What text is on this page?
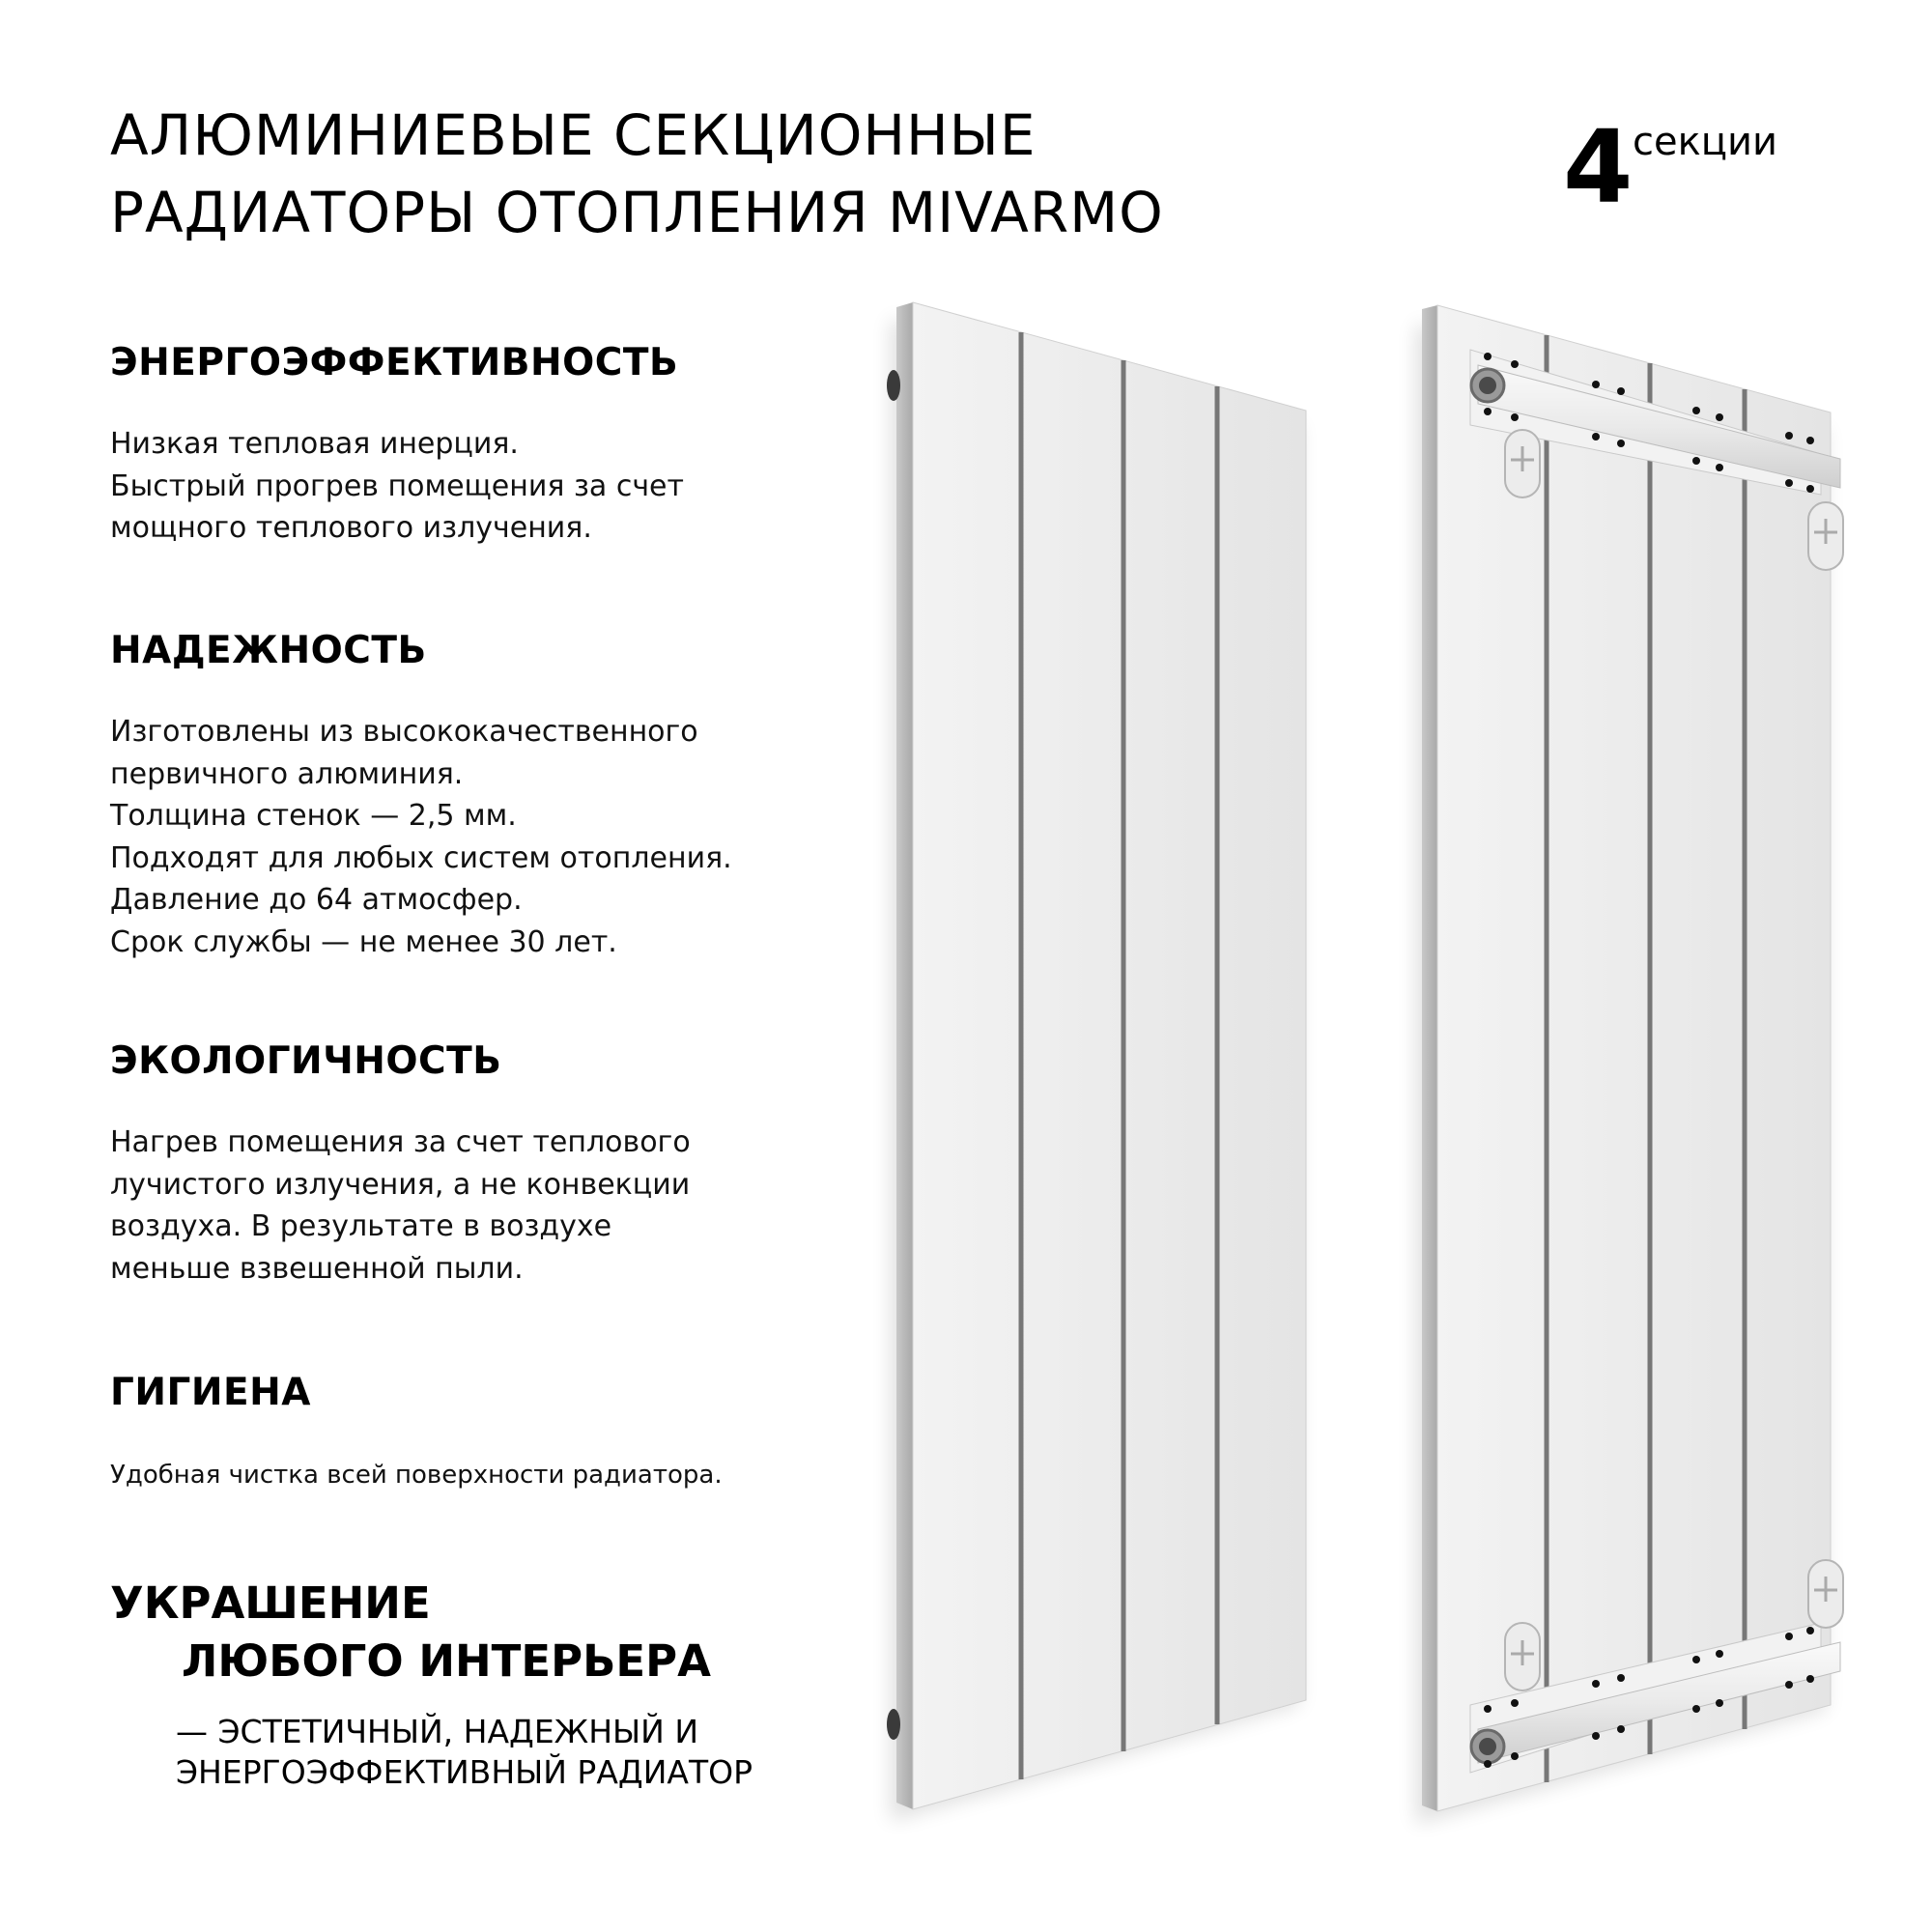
АЛЮМИНИЕВЫЕ СЕКЦИОННЫЕ
РАДИАТОРЫ ОТОПЛЕНИЯ MIVARMO	4 секции
ЭНЕРГОЭФФЕКТИВНОСТЬ

Низкая тепловая инерция.

Быстрый прогрев помещения за счет

мощного теплового излучения.

НАДЕЖНОСТЬ

Изготовлены из высококачественного

первичного алюминия.

Толщина стенок — 2,5 мм.

Подходят для любых систем отопления.

Давление до 64 атмосфер.

Срок службы — не менее 30 лет.

ЭКОЛОГИЧНОСТЬ

Нагрев помещения за счет теплового

лучистого излучения, а не конвекции

воздуха. В результате в воздухе

меньше взвешенной пыли.

ГИГИЕНА

Удобная чистка всей поверхности радиатора.

УКРАШЕНИЕ

ЛЮБОГО ИНТЕРЬЕРА

— ЭСТЕТИЧНЫЙ, НАДЕЖНЫЙ И

ЭНЕРГОЭФФЕКТИВНЫЙ РАДИАТОР
